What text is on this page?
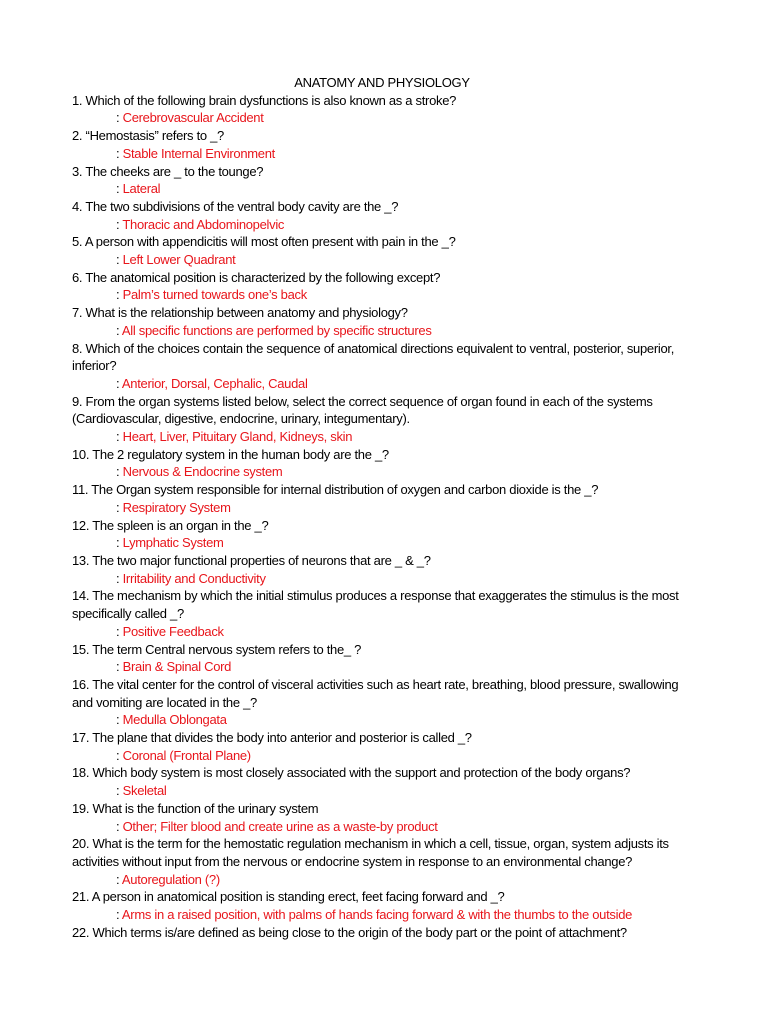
ANATOMY AND PHYSIOLOGY

1. Which of the following brain dysfunctions is also known as a stroke?

: Cerebrovascular Accident

2. “Hemostasis” refers to _?

: Stable Internal Environment

3. The cheeks are _ to the tounge?

: Lateral

4. The two subdivisions of the ventral body cavity are the _?

: Thoracic and Abdominopelvic

5. A person with appendicitis will most often present with pain in the _?

: Left Lower Quadrant

6. The anatomical position is characterized by the following except?

: Palm’s turned towards one’s back

7. What is the relationship between anatomy and physiology?

: All specific functions are performed by specific structures

8. Which of the choices contain the sequence of anatomical directions equivalent to ventral, posterior, superior, inferior?

: Anterior, Dorsal, Cephalic, Caudal

9. From the organ systems listed below, select the correct sequence of organ found in each of the systems (Cardiovascular, digestive, endocrine, urinary, integumentary).

: Heart, Liver, Pituitary Gland, Kidneys, skin

10. The 2 regulatory system in the human body are the _?

: Nervous & Endocrine system

11. The Organ system responsible for internal distribution of oxygen and carbon dioxide is the _?

: Respiratory System

12. The spleen is an organ in the _?

: Lymphatic System

13. The two major functional properties of neurons that are _ & _?

: Irritability and Conductivity

14. The mechanism by which the initial stimulus produces a response that exaggerates the stimulus is the most specifically called _?

: Positive Feedback

15. The term Central nervous system refers to the_ ?

: Brain & Spinal Cord

16. The vital center for the control of visceral activities such as heart rate, breathing, blood pressure, swallowing and vomiting are located in the _?

: Medulla Oblongata

17. The plane that divides the body into anterior and posterior is called _?

: Coronal (Frontal Plane)

18. Which body system is most closely associated with the support and protection of the body organs?

: Skeletal

19. What is the function of the urinary system

: Other; Filter blood and create urine as a waste-by product

20. What is the term for the hemostatic regulation mechanism in which a cell, tissue, organ, system adjusts its activities without input from the nervous or endocrine system in response to an environmental change?

: Autoregulation (?)

21. A person in anatomical position is standing erect, feet facing forward and _?

: Arms in a raised position, with palms of hands facing forward & with the thumbs to the outside

22. Which terms is/are defined as being close to the origin of the body part or the point of attachment?
